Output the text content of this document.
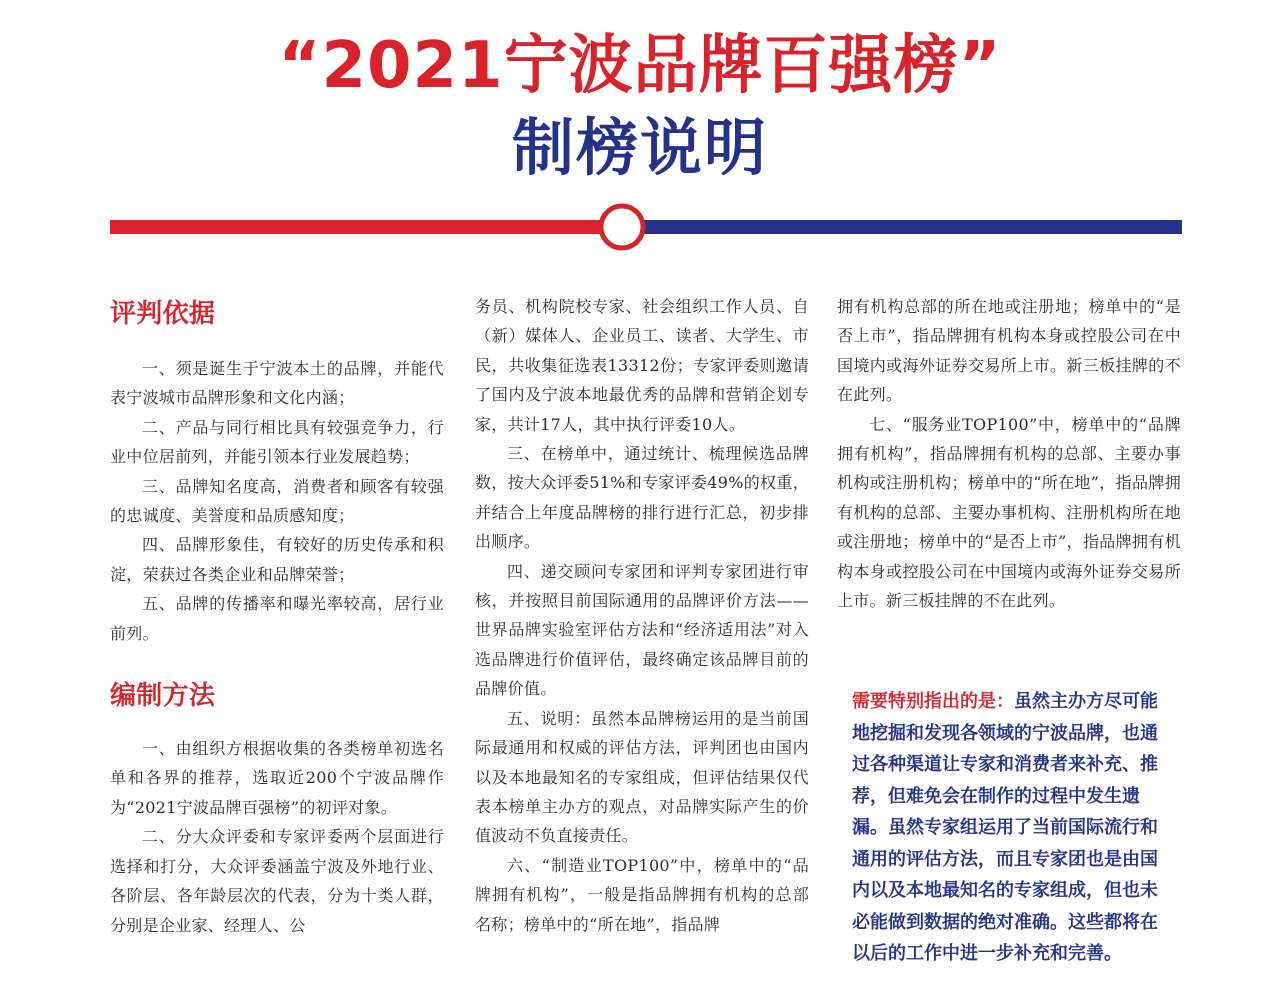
“2021宁波品牌百强榜”
制榜说明
评判依据

一、须是诞生于宁波本土的品牌，并能代表宁波城市品牌形象和文化内涵；

二、产品与同行相比具有较强竞争力，行业中位居前列，并能引领本行业发展趋势；

三、品牌知名度高，消费者和顾客有较强的忠诚度、美誉度和品质感知度；

四、品牌形象佳，有较好的历史传承和积淀，荣获过各类企业和品牌荣誉；

五、品牌的传播率和曝光率较高，居行业前列。

编制方法

一、由组织方根据收集的各类榜单初选名单和各界的推荐，选取近200个宁波品牌作为“2021宁波品牌百强榜”的初评对象。

二、分大众评委和专家评委两个层面进行选择和打分，大众评委涵盖宁波及外地行业、各阶层、各年龄层次的代表，分为十类人群，分别是企业家、经理人、公

务员、机构院校专家、社会组织工作人员、自（新）媒体人、企业员工、读者、大学生、市民，共收集征选表13312份；专家评委则邀请了国内及宁波本地最优秀的品牌和营销企划专家，共计17人，其中执行评委10人。

三、在榜单中，通过统计、梳理候选品牌数，按大众评委51%和专家评委49%的权重，并结合上年度品牌榜的排行进行汇总，初步排出顺序。

四、递交顾问专家团和评判专家团进行审核，并按照目前国际通用的品牌评价方法——世界品牌实验室评估方法和“经济适用法”对入选品牌进行价值评估，最终确定该品牌目前的品牌价值。

五、说明：虽然本品牌榜运用的是当前国际最通用和权威的评估方法，评判团也由国内以及本地最知名的专家组成，但评估结果仅代表本榜单主办方的观点，对品牌实际产生的价值波动不负直接责任。

六、“制造业TOP100”中，榜单中的“品牌拥有机构”，一般是指品牌拥有机构的总部名称；榜单中的“所在地”，指品牌

拥有机构总部的所在地或注册地；榜单中的“是否上市”，指品牌拥有机构本身或控股公司在中国境内或海外证券交易所上市。新三板挂牌的不在此列。

七、“服务业TOP100”中，榜单中的“品牌拥有机构”，指品牌拥有机构的总部、主要办事机构或注册机构；榜单中的“所在地”，指品牌拥有机构的总部、主要办事机构、注册机构所在地或注册地；榜单中的“是否上市”，指品牌拥有机构本身或控股公司在中国境内或海外证券交易所上市。新三板挂牌的不在此列。

需要特别指出的是：虽然主办方尽可能地挖掘和发现各领域的宁波品牌，也通过各种渠道让专家和消费者来补充、推荐，但难免会在制作的过程中发生遗漏。虽然专家组运用了当前国际流行和通用的评估方法，而且专家团也是由国内以及本地最知名的专家组成，但也未必能做到数据的绝对准确。这些都将在以后的工作中进一步补充和完善。
